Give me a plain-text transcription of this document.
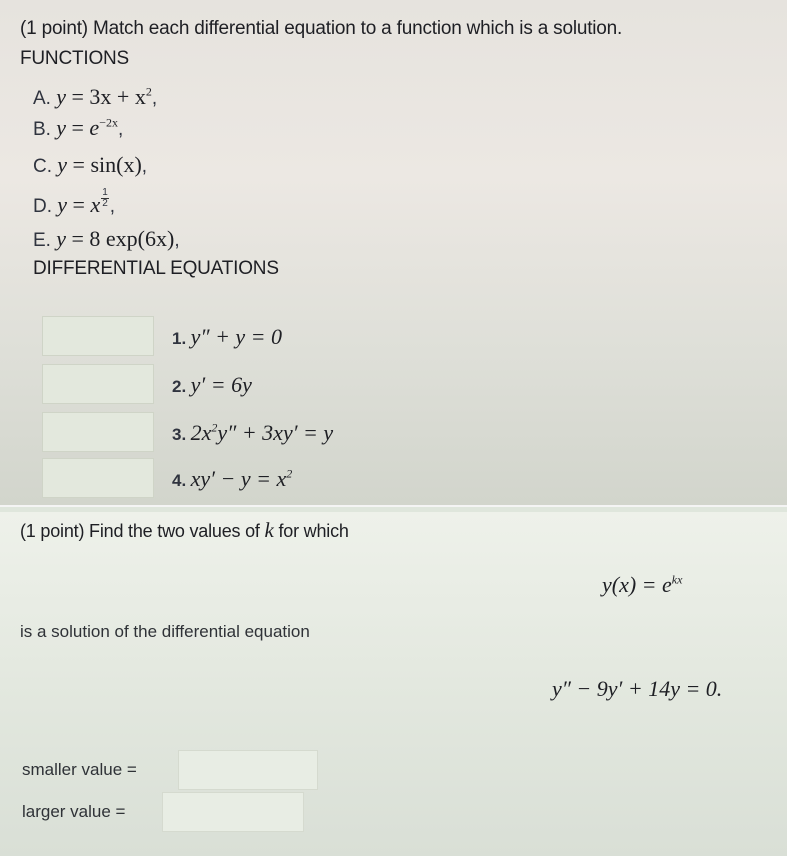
(1 point) Match each differential equation to a function which is a solution.
FUNCTIONS
A. $y = 3x + x^2$,
B. $y = e^{-2x}$,
C. y = sin(x),
D. y = x $\frac{1}{2}$ ,
E. y = 8 exp(6x),
DIFFERENTIAL EQUATIONS
1. y″ + y = 0
2. y′ = 6y
3. $2x^2y'' + 3xy' = y$
4. $xy' - y = x^2$
(1 point) Find the two values of k for which
$y(x) = e^{kx}$
is a solution of the differential equation
y″ − 9y′ + 14y = 0.
smaller value =
larger value =
